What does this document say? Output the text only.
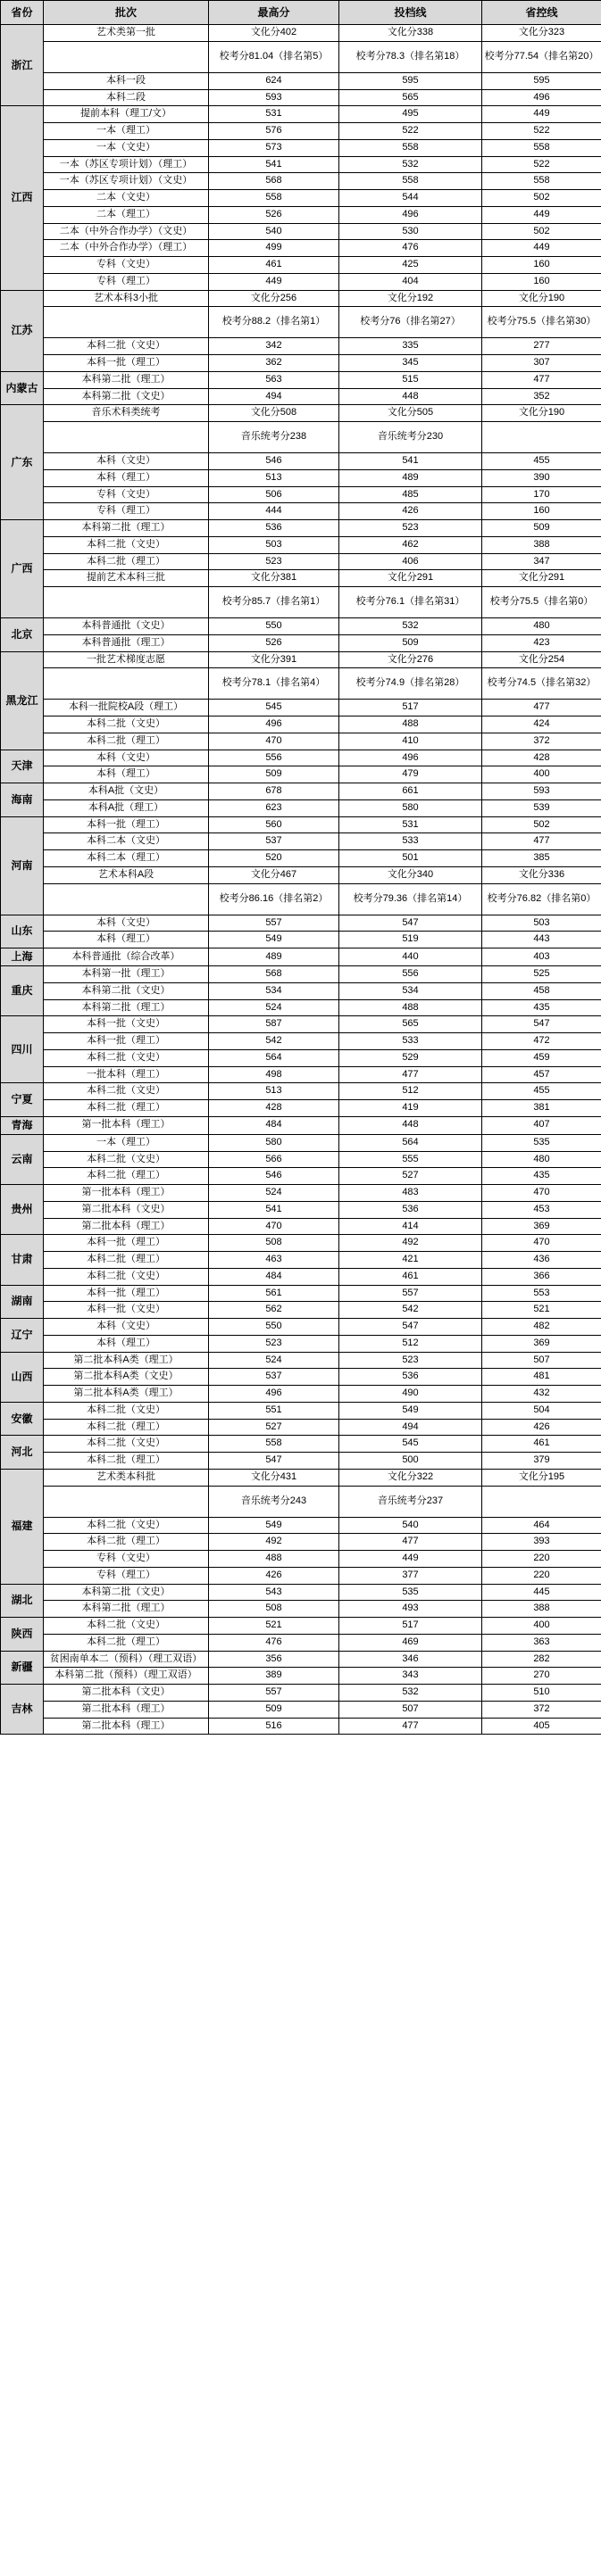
省份	批次	最高分	投档线	省控线
浙江	艺术类第一批	文化分402	文化分338	文化分323
		校考分81.04（排名第5）	校考分78.3（排名第18）	校考分77.54（排名第20）
	本科一段	624	595	595
	本科二段	593	565	496
江西	提前本科（理工/文）	531	495	449
	一本（理工）	576	522	522
	一本（文史）	573	558	558
	一本（苏区专项计划）（理工）	541	532	522
	一本（苏区专项计划）（文史）	568	558	558
	二本（文史）	558	544	502
	二本（理工）	526	496	449
	二本（中外合作办学）（文史）	540	530	502
	二本（中外合作办学）（理工）	499	476	449
	专科（文史）	461	425	160
	专科（理工）	449	404	160
江苏	艺术本科3小批	文化分256	文化分192	文化分190
		校考分88.2（排名第1）	校考分76（排名第27）	校考分75.5（排名第30）
	本科二批（文史）	342	335	277
	本科一批（理工）	362	345	307
内蒙古	本科第二批（理工）	563	515	477
	本科第二批（文史）	494	448	352
广东	音乐术科类统考	文化分508	文化分505	文化分190
		音乐统考分238	音乐统考分230	
	本科（文史）	546	541	455
	本科（理工）	513	489	390
	专科（文史）	506	485	170
	专科（理工）	444	426	160
广西	本科第二批（理工）	536	523	509
	本科二批（文史）	503	462	388
	本科二批（理工）	523	406	347
	提前艺术本科三批	文化分381	文化分291	文化分291
		校考分85.7（排名第1）	校考分76.1（排名第31）	校考分75.5（排名第0）
北京	本科普通批（文史）	550	532	480
	本科普通批（理工）	526	509	423
黑龙江	一批艺术梯度志愿	文化分391	文化分276	文化分254
		校考分78.1（排名第4）	校考分74.9（排名第28）	校考分74.5（排名第32）
	本科一批院校A段（理工）	545	517	477
	本科二批（文史）	496	488	424
	本科二批（理工）	470	410	372
天津	本科（文史）	556	496	428
	本科（理工）	509	479	400
海南	本科A批（文史）	678	661	593
	本科A批（理工）	623	580	539
河南	本科一批（理工）	560	531	502
	本科二本（文史）	537	533	477
	本科二本（理工）	520	501	385
	艺术本科A段	文化分467	文化分340	文化分336
		校考分86.16（排名第2）	校考分79.36（排名第14）	校考分76.82（排名第0）
山东	本科（文史）	557	547	503
	本科（理工）	549	519	443
上海	本科普通批（综合改革）	489	440	403
重庆	本科第一批（理工）	568	556	525
	本科第二批（文史）	534	534	458
	本科第二批（理工）	524	488	435
四川	本科一批（文史）	587	565	547
	本科一批（理工）	542	533	472
	本科二批（文史）	564	529	459
	一批本科（理工）	498	477	457
宁夏	本科二批（文史）	513	512	455
	本科二批（理工）	428	419	381
青海	第一批本科（理工）	484	448	407
云南	一本（理工）	580	564	535
	本科二批（文史）	566	555	480
	本科二批（理工）	546	527	435
贵州	第一批本科（理工）	524	483	470
	第二批本科（文史）	541	536	453
	第二批本科（理工）	470	414	369
甘肃	本科一批（理工）	508	492	470
	本科二批（理工）	463	421	436
	本科二批（文史）	484	461	366
湖南	本科一批（理工）	561	557	553
	本科一批（文史）	562	542	521
辽宁	本科（文史）	550	547	482
	本科（理工）	523	512	369
山西	第二批本科A类（理工）	524	523	507
	第二批本科A类（文史）	537	536	481
	第二批本科A类（理工）	496	490	432
安徽	本科二批（文史）	551	549	504
	本科二批（理工）	527	494	426
河北	本科二批（文史）	558	545	461
	本科二批（理工）	547	500	379
福建	艺术类本科批	文化分431	文化分322	文化分195
		音乐统考分243	音乐统考分237	
	本科二批（文史）	549	540	464
	本科二批（理工）	492	477	393
	专科（文史）	488	449	220
	专科（理工）	426	377	220
湖北	本科第二批（文史）	543	535	445
	本科第二批（理工）	508	493	388
陕西	本科二批（文史）	521	517	400
	本科二批（理工）	476	469	363
新疆	贫困南单本二（预科）（理工双语）	356	346	282
	本科第二批（预科）（理工双语）	389	343	270
吉林	第二批本科（文史）	557	532	510
	第二批本科（理工）	509	507	372
	第二批本科（理工）	516	477	405
